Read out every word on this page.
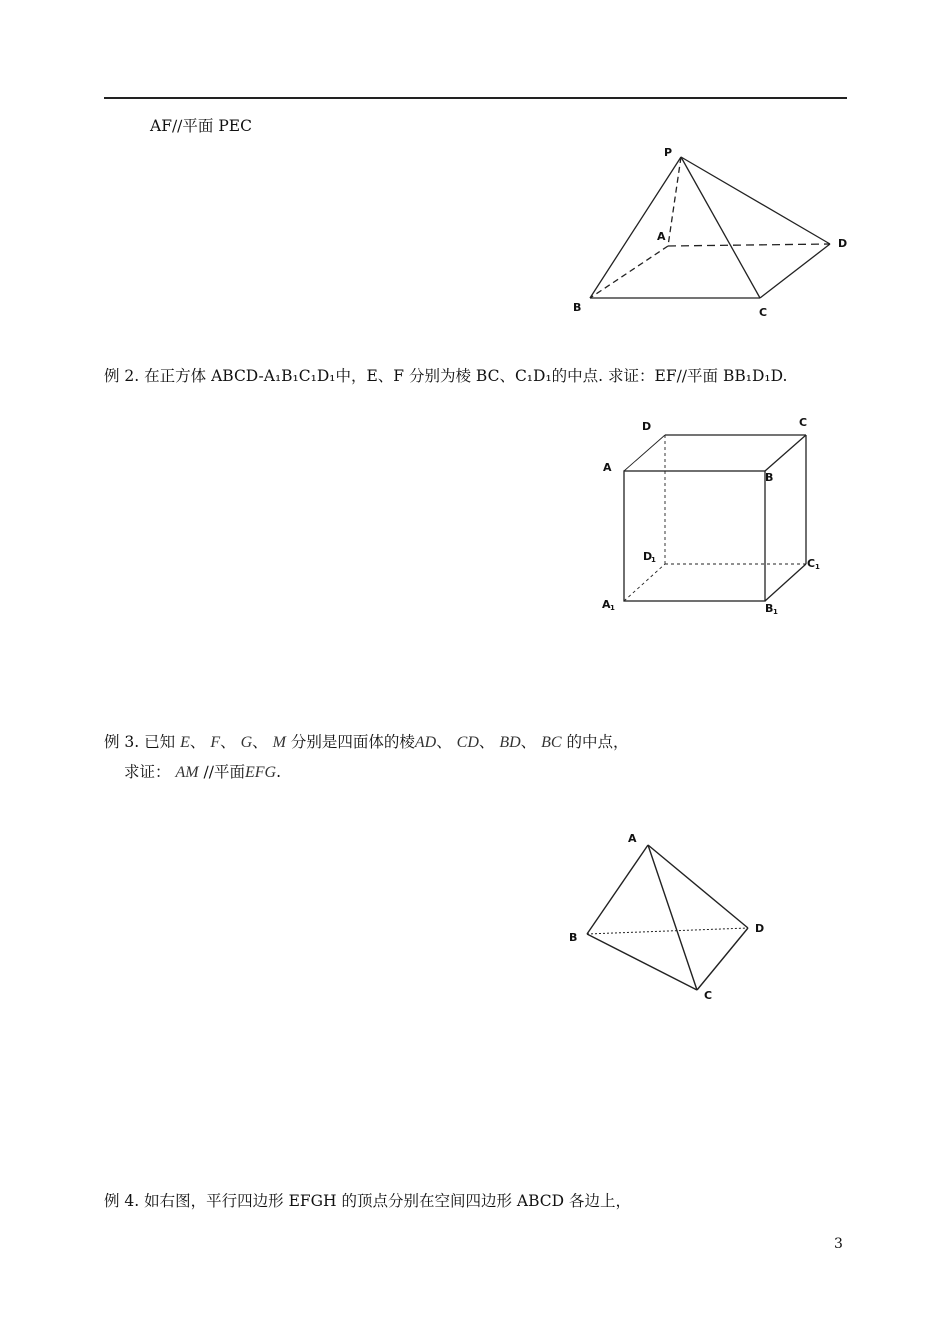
AF∕∕平面 PEC
P
A
B	C
D
例 2. 在正方体 ABCD-A₁B₁C₁D₁中，E、F 分别为棱 BC、C₁D₁的中点. 求证：EF∕∕平面 BB₁D₁D.
D	C
A
B
D
1	C 1
A 1	B 1
例 3. 已知 E、 F、 G、 M 分别是四面体的棱AD、 CD、 BD、 BC 的中点，
求证： AM ∕∕平面EFG.
A
B
C
D
例 4. 如右图，平行四边形 EFGH 的顶点分别在空间四边形 ABCD 各边上，
3
